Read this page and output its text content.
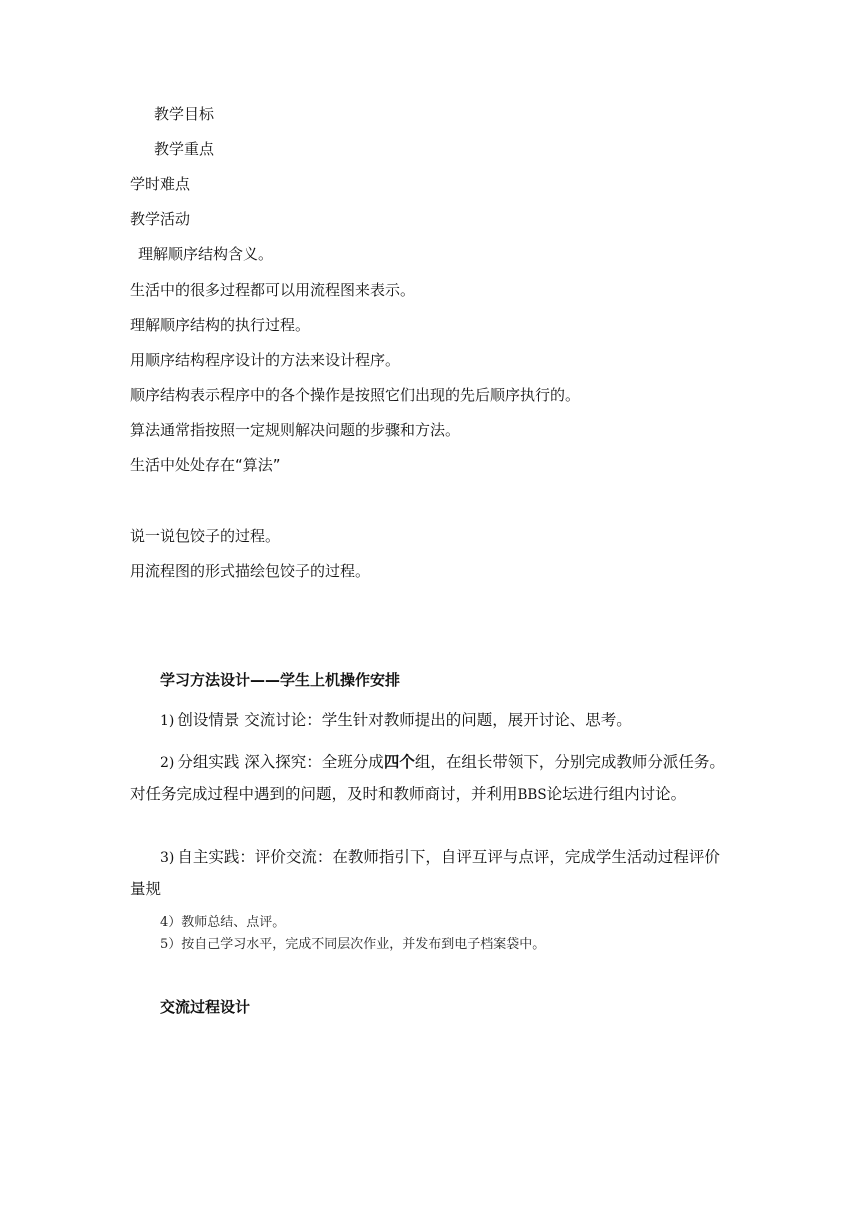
教学目标
教学重点
学时难点
教学活动
理解顺序结构含义。
生活中的很多过程都可以用流程图来表示。
理解顺序结构的执行过程。
用顺序结构程序设计的方法来设计程序。
顺序结构表示程序中的各个操作是按照它们出现的先后顺序执行的。
算法通常指按照一定规则解决问题的步骤和方法。
生活中处处存在“算法”
说一说包饺子的过程。
用流程图的形式描绘包饺子的过程。
学习方法设计——学生上机操作安排
1) 创设情景 交流讨论：学生针对教师提出的问题，展开讨论、思考。
2) 分组实践 深入探究：全班分成四个组，在组长带领下，分别完成教师分派任务。对任务完成过程中遇到的问题，及时和教师商讨，并利用BBS论坛进行组内讨论。
3) 自主实践：评价交流：在教师指引下，自评互评与点评，完成学生活动过程评价量规
4）教师总结、点评。
5）按自己学习水平，完成不同层次作业，并发布到电子档案袋中。
交流过程设计
